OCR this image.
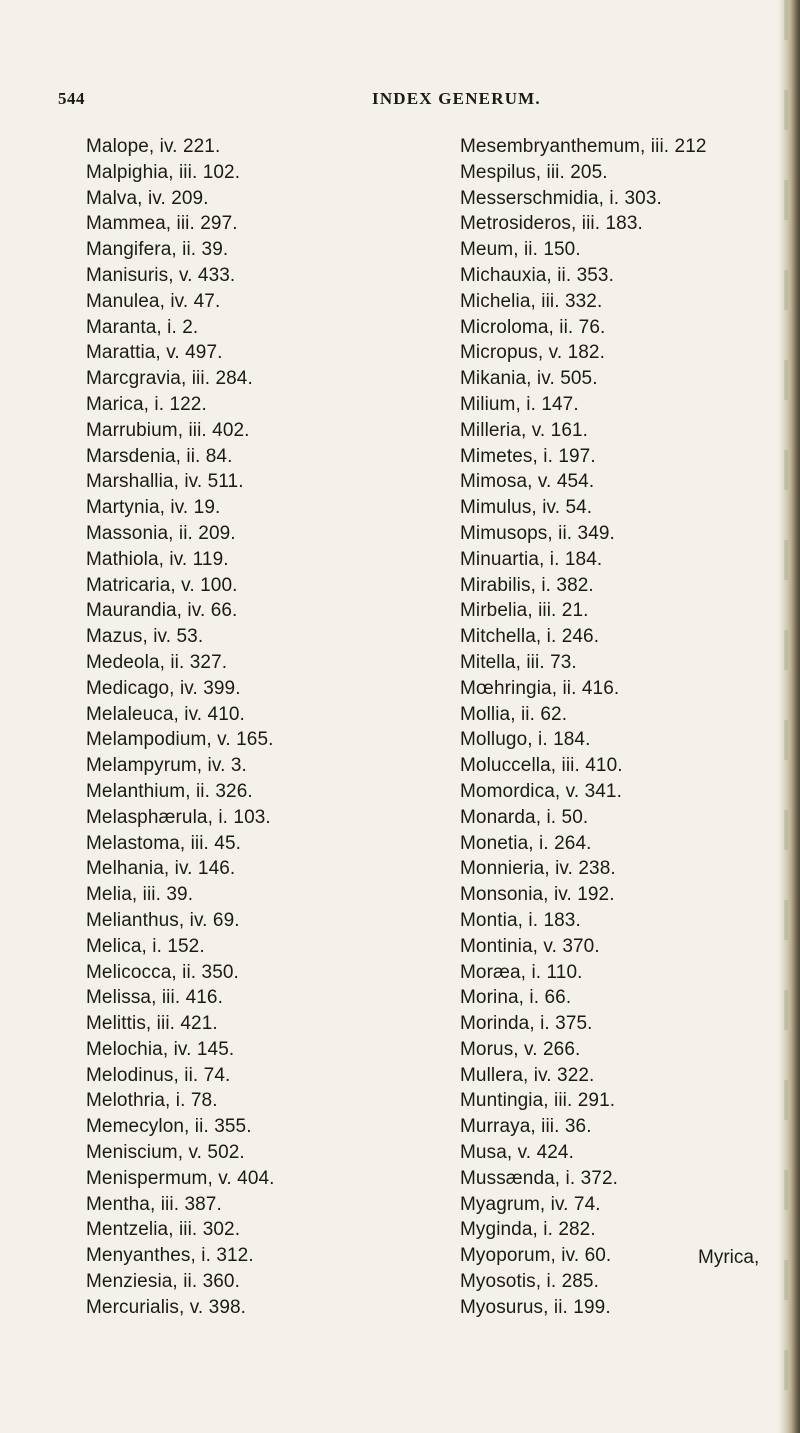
544	INDEX GENERUM.
Malope, iv. 221.
Malpighia, iii. 102.
Malva, iv. 209.
Mammea, iii. 297.
Mangifera, ii. 39.
Manisuris, v. 433.
Manulea, iv. 47.
Maranta, i. 2.
Marattia, v. 497.
Marcgravia, iii. 284.
Marica, i. 122.
Marrubium, iii. 402.
Marsdenia, ii. 84.
Marshallia, iv. 511.
Martynia, iv. 19.
Massonia, ii. 209.
Mathiola, iv. 119.
Matricaria, v. 100.
Maurandia, iv. 66.
Mazus, iv. 53.
Medeola, ii. 327.
Medicago, iv. 399.
Melaleuca, iv. 410.
Melampodium, v. 165.
Melampyrum, iv. 3.
Melanthium, ii. 326.
Melasphærula, i. 103.
Melastoma, iii. 45.
Melhania, iv. 146.
Melia, iii. 39.
Melianthus, iv. 69.
Melica, i. 152.
Melicocca, ii. 350.
Melissa, iii. 416.
Melittis, iii. 421.
Melochia, iv. 145.
Melodinus, ii. 74.
Melothria, i. 78.
Memecylon, ii. 355.
Meniscium, v. 502.
Menispermum, v. 404.
Mentha, iii. 387.
Mentzelia, iii. 302.
Menyanthes, i. 312.
Menziesia, ii. 360.
Mercurialis, v. 398.
Mesembryanthemum, iii. 212
Mespilus, iii. 205.
Messerschmidia, i. 303.
Metrosideros, iii. 183.
Meum, ii. 150.
Michauxia, ii. 353.
Michelia, iii. 332.
Microloma, ii. 76.
Micropus, v. 182.
Mikania, iv. 505.
Milium, i. 147.
Milleria, v. 161.
Mimetes, i. 197.
Mimosa, v. 454.
Mimulus, iv. 54.
Mimusops, ii. 349.
Minuartia, i. 184.
Mirabilis, i. 382.
Mirbelia, iii. 21.
Mitchella, i. 246.
Mitella, iii. 73.
Mœhringia, ii. 416.
Mollia, ii. 62.
Mollugo, i. 184.
Moluccella, iii. 410.
Momordica, v. 341.
Monarda, i. 50.
Monetia, i. 264.
Monnieria, iv. 238.
Monsonia, iv. 192.
Montia, i. 183.
Montinia, v. 370.
Moræa, i. 110.
Morina, i. 66.
Morinda, i. 375.
Morus, v. 266.
Mullera, iv. 322.
Muntingia, iii. 291.
Murraya, iii. 36.
Musa, v. 424.
Mussænda, i. 372.
Myagrum, iv. 74.
Myginda, i. 282.
Myoporum, iv. 60.
Myosotis, i. 285.
Myosurus, ii. 199.
Myrica,
